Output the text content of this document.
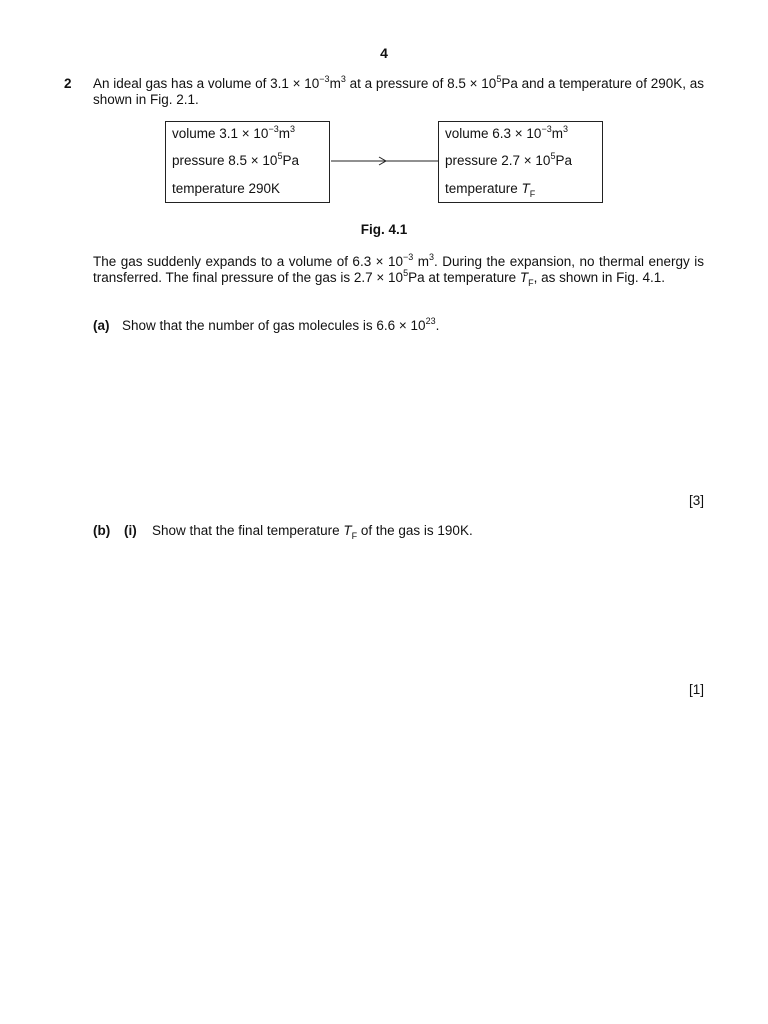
4
2 An ideal gas has a volume of $3.1 \times 10^{-3}m^3$ at a pressure of $8.5 \times 10^5Pa$ and a temperature of 290K, as shown in Fig. 2.1.
volume $3.1 \times 10^{-3}m^3$
pressure $8.5 \times 10^5Pa$
temperature 290K
volume $6.3 \times 10^{-3}m^3$
pressure $2.7 \times 10^5Pa$
temperature $T_F$
Fig. 4.1
The gas suddenly expands to a volume of $6.3 \times 10^{-3}$ $m^3$. During the expansion, no thermal energy is transferred. The final pressure of the gas is $2.7 \times 10^5Pa$ at temperature $T_F$, as shown in Fig. 4.1.
(a) Show that the number of gas molecules is $6.6 \times 10^{23}$.
[3]
(b) (i) Show that the final temperature $T_F$ of the gas is 190K.
[1]
